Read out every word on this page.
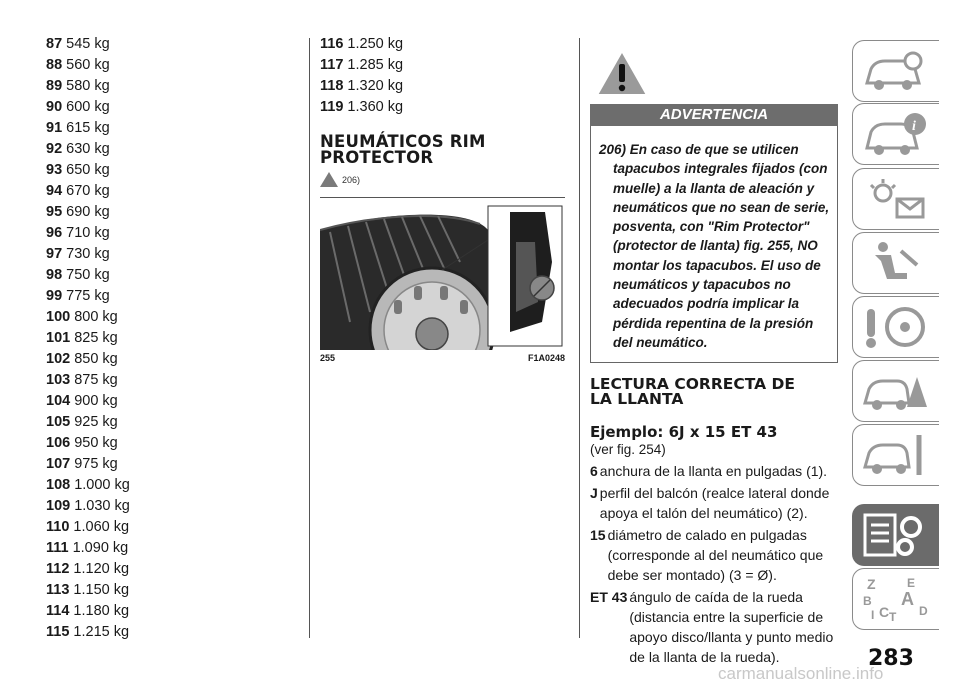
87 545 kg
88 560 kg
89 580 kg
90 600 kg
91 615 kg
92 630 kg
93 650 kg
94 670 kg
95 690 kg
96 710 kg
97 730 kg
98 750 kg
99 775 kg
100 800 kg
101 825 kg
102 850 kg
103 875 kg
104 900 kg
105 925 kg
106 950 kg
107 975 kg
108 1.000 kg
109 1.030 kg
110 1.060 kg
111 1.090 kg
112 1.120 kg
113 1.150 kg
114 1.180 kg
115 1.215 kg
116 1.250 kg
117 1.285 kg
118 1.320 kg
119 1.360 kg
NEUMÁTICOS RIM
PROTECTOR
206)
255	F1A0248
ADVERTENCIA

206) En caso de que se utilicen tapacubos integrales fijados (con muelle) a la llanta de aleación y neumáticos que no sean de serie, posventa, con "Rim Protector" (protector de llanta) fig. 255, NO montar los tapacubos. El uso de neumáticos y tapacubos no adecuados podría implicar la pérdida repentina de la presión del neumático.

LECTURA CORRECTA DE
LA LLANTA
Ejemplo: 6J x 15 ET 43
(ver fig. 254)
6 anchura de la llanta en pulgadas (1).
J perfil del balcón (realce lateral donde apoya el talón del neumático) (2).
15 diámetro de calado en pulgadas (corresponde al del neumático que debe ser montado) (3 = Ø).
ET 43 ángulo de caída de la rueda (distancia entre la superficie de apoyo disco/llanta y punto medio de la llanta de la rueda).
i
Z	E
B A
I C T D
283
carmanualsonline.info
